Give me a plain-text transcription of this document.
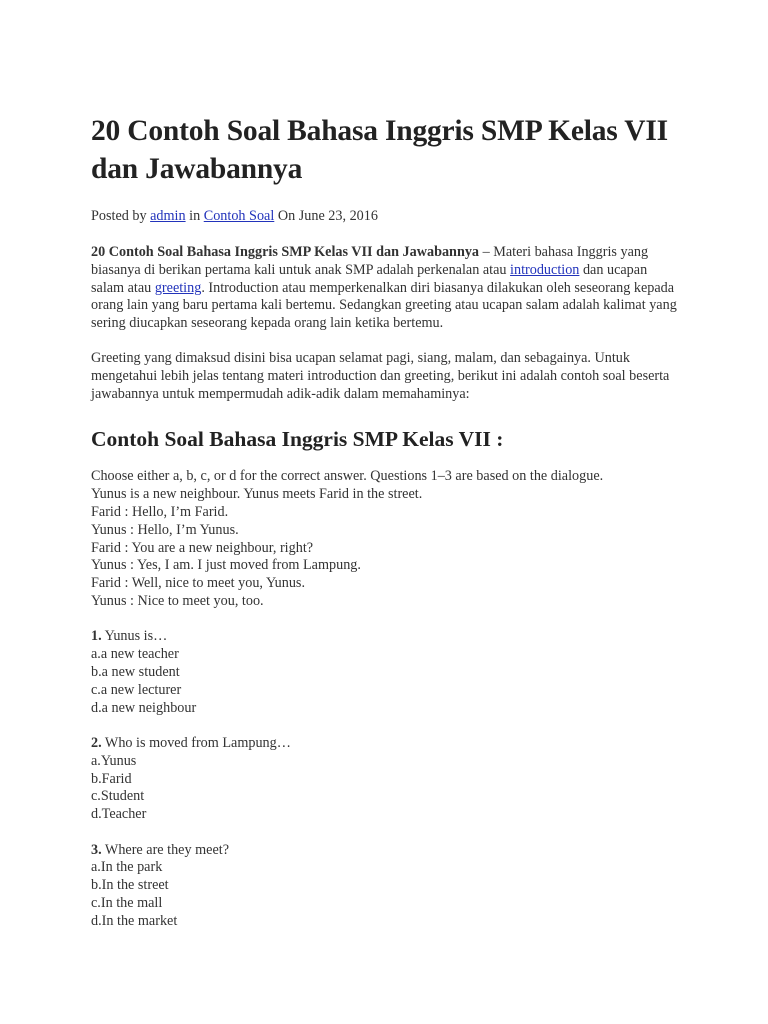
20 Contoh Soal Bahasa Inggris SMP Kelas VII dan Jawabannya
Posted by admin in Contoh Soal On June 23, 2016

20 Contoh Soal Bahasa Inggris SMP Kelas VII dan Jawabannya – Materi bahasa Inggris yang biasanya di berikan pertama kali untuk anak SMP adalah perkenalan atau introduction dan ucapan salam atau greeting. Introduction atau memperkenalkan diri biasanya dilakukan oleh seseorang kepada orang lain yang baru pertama kali bertemu. Sedangkan greeting atau ucapan salam adalah kalimat yang sering diucapkan seseorang kepada orang lain ketika bertemu.

Greeting yang dimaksud disini bisa ucapan selamat pagi, siang, malam, dan sebagainya. Untuk mengetahui lebih jelas tentang materi introduction dan greeting, berikut ini adalah contoh soal beserta jawabannya untuk mempermudah adik-adik dalam memahaminya:

Contoh Soal Bahasa Inggris SMP Kelas VII :
Choose either a, b, c, or d for the correct answer. Questions 1–3 are based on the dialogue.
Yunus is a new neighbour. Yunus meets Farid in the street.
Farid : Hello, I’m Farid.
Yunus : Hello, I’m Yunus.
Farid : You are a new neighbour, right?
Yunus : Yes, I am. I just moved from Lampung.
Farid : Well, nice to meet you, Yunus.
Yunus : Nice to meet you, too.
1. Yunus is…
a.a new teacher
b.a new student
c.a new lecturer
d.a new neighbour
2. Who is moved from Lampung…
a.Yunus
b.Farid
c.Student
d.Teacher
3. Where are they meet?
a.In the park
b.In the street
c.In the mall
d.In the market
